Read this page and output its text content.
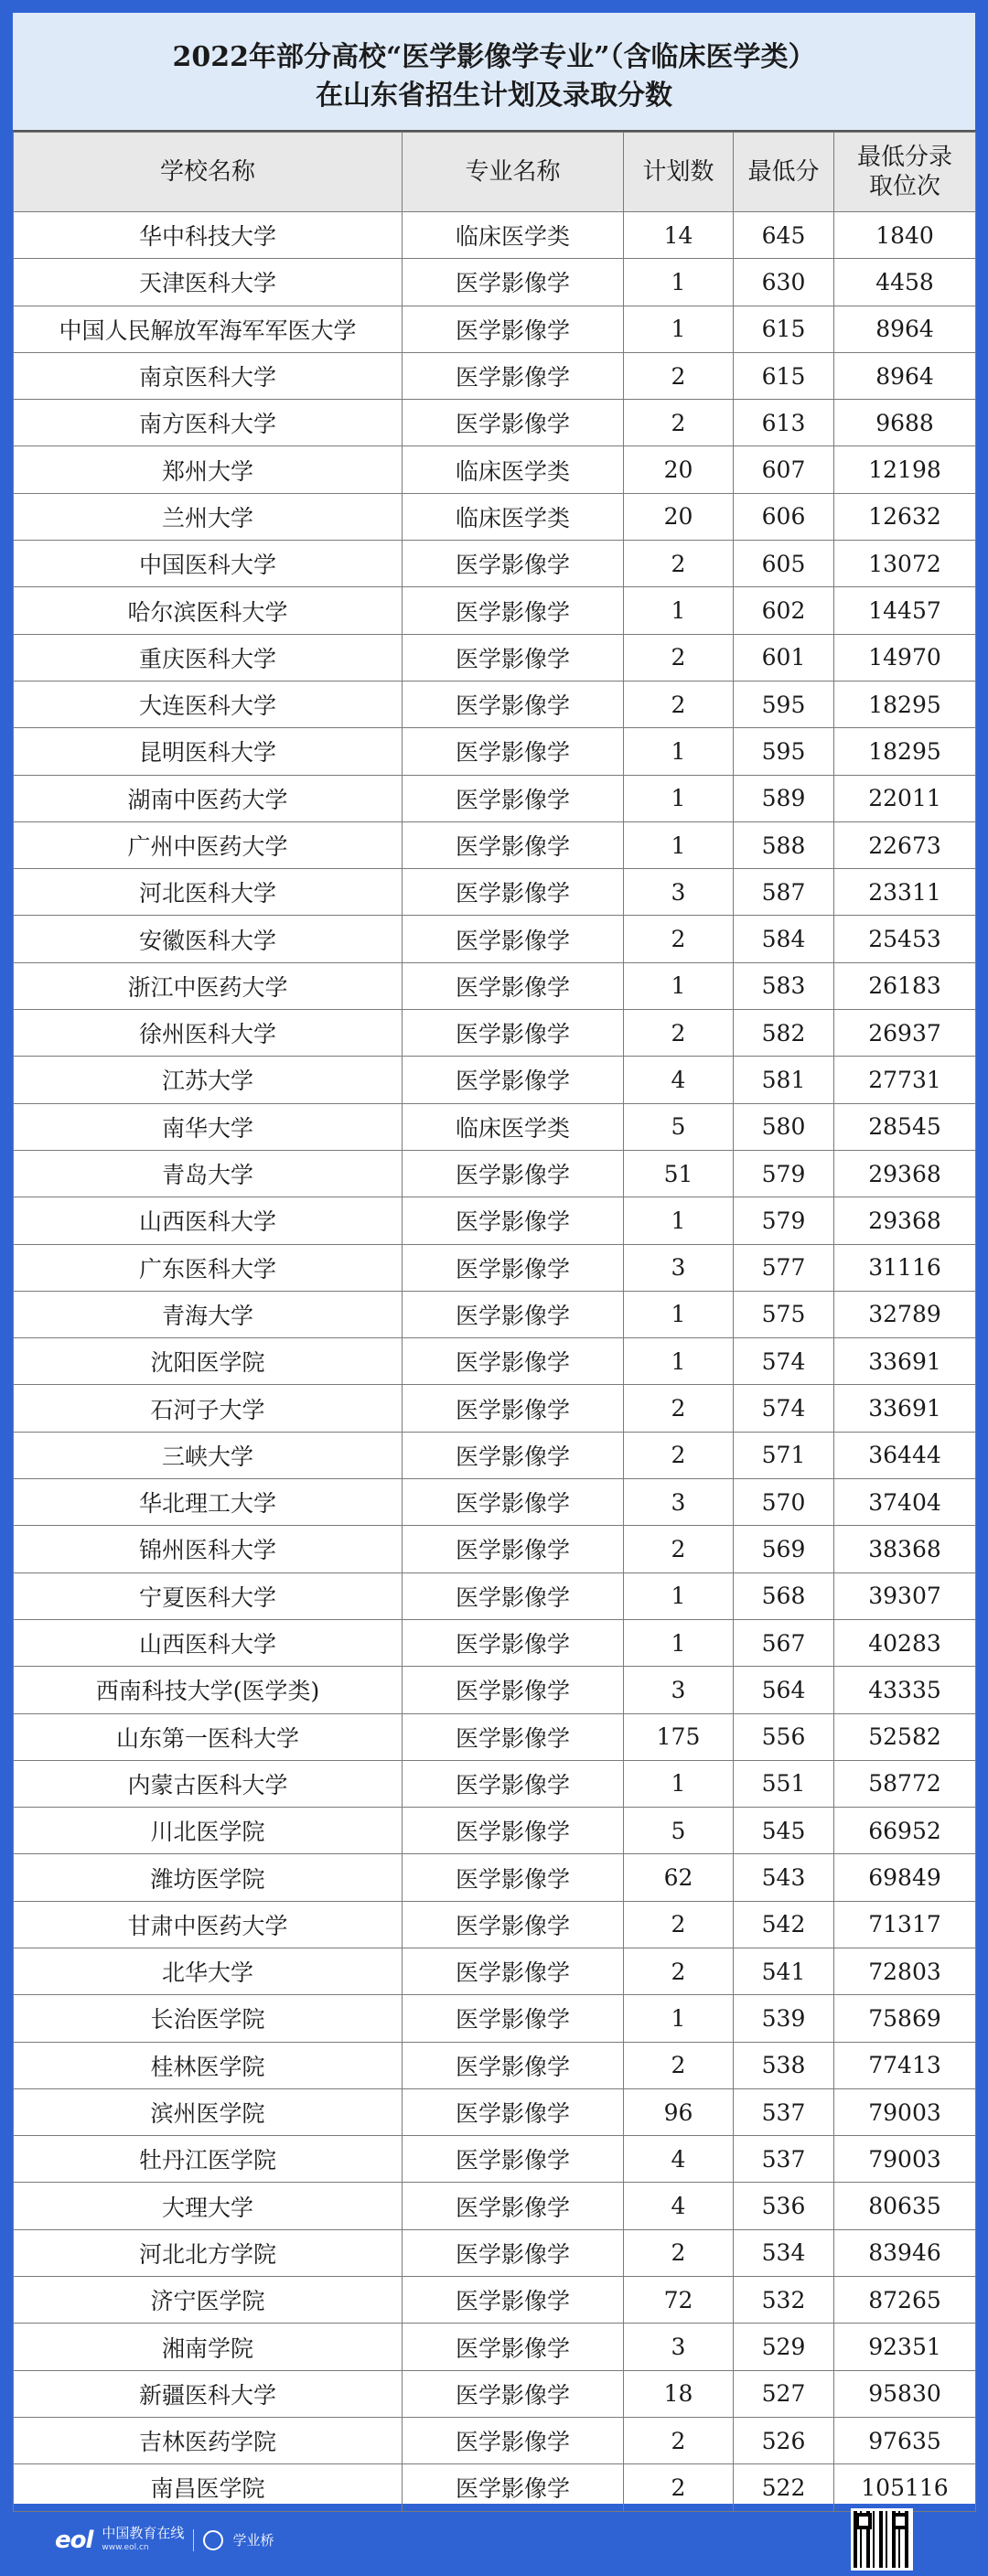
2022年部分高校“医学影像学专业”（含临床医学类）
在山东省招生计划及录取分数
学校名称	专业名称	计划数	最低分	最低分录取位次
华中科技大学	临床医学类	14	645	1840
天津医科大学	医学影像学	1	630	4458
中国人民解放军海军军医大学	医学影像学	1	615	8964
南京医科大学	医学影像学	2	615	8964
南方医科大学	医学影像学	2	613	9688
郑州大学	临床医学类	20	607	12198
兰州大学	临床医学类	20	606	12632
中国医科大学	医学影像学	2	605	13072
哈尔滨医科大学	医学影像学	1	602	14457
重庆医科大学	医学影像学	2	601	14970
大连医科大学	医学影像学	2	595	18295
昆明医科大学	医学影像学	1	595	18295
湖南中医药大学	医学影像学	1	589	22011
广州中医药大学	医学影像学	1	588	22673
河北医科大学	医学影像学	3	587	23311
安徽医科大学	医学影像学	2	584	25453
浙江中医药大学	医学影像学	1	583	26183
徐州医科大学	医学影像学	2	582	26937
江苏大学	医学影像学	4	581	27731
南华大学	临床医学类	5	580	28545
青岛大学	医学影像学	51	579	29368
山西医科大学	医学影像学	1	579	29368
广东医科大学	医学影像学	3	577	31116
青海大学	医学影像学	1	575	32789
沈阳医学院	医学影像学	1	574	33691
石河子大学	医学影像学	2	574	33691
三峡大学	医学影像学	2	571	36444
华北理工大学	医学影像学	3	570	37404
锦州医科大学	医学影像学	2	569	38368
宁夏医科大学	医学影像学	1	568	39307
山西医科大学	医学影像学	1	567	40283
西南科技大学(医学类)	医学影像学	3	564	43335
山东第一医科大学	医学影像学	175	556	52582
内蒙古医科大学	医学影像学	1	551	58772
川北医学院	医学影像学	5	545	66952
潍坊医学院	医学影像学	62	543	69849
甘肃中医药大学	医学影像学	2	542	71317
北华大学	医学影像学	2	541	72803
长治医学院	医学影像学	1	539	75869
桂林医学院	医学影像学	2	538	77413
滨州医学院	医学影像学	96	537	79003
牡丹江医学院	医学影像学	4	537	79003
大理大学	医学影像学	4	536	80635
河北北方学院	医学影像学	2	534	83946
济宁医学院	医学影像学	72	532	87265
湘南学院	医学影像学	3	529	92351
新疆医科大学	医学影像学	18	527	95830
吉林医药学院	医学影像学	2	526	97635
南昌医学院	医学影像学	2	522	105116
eol 中国教育在线
www.eol.cn	学业桥
